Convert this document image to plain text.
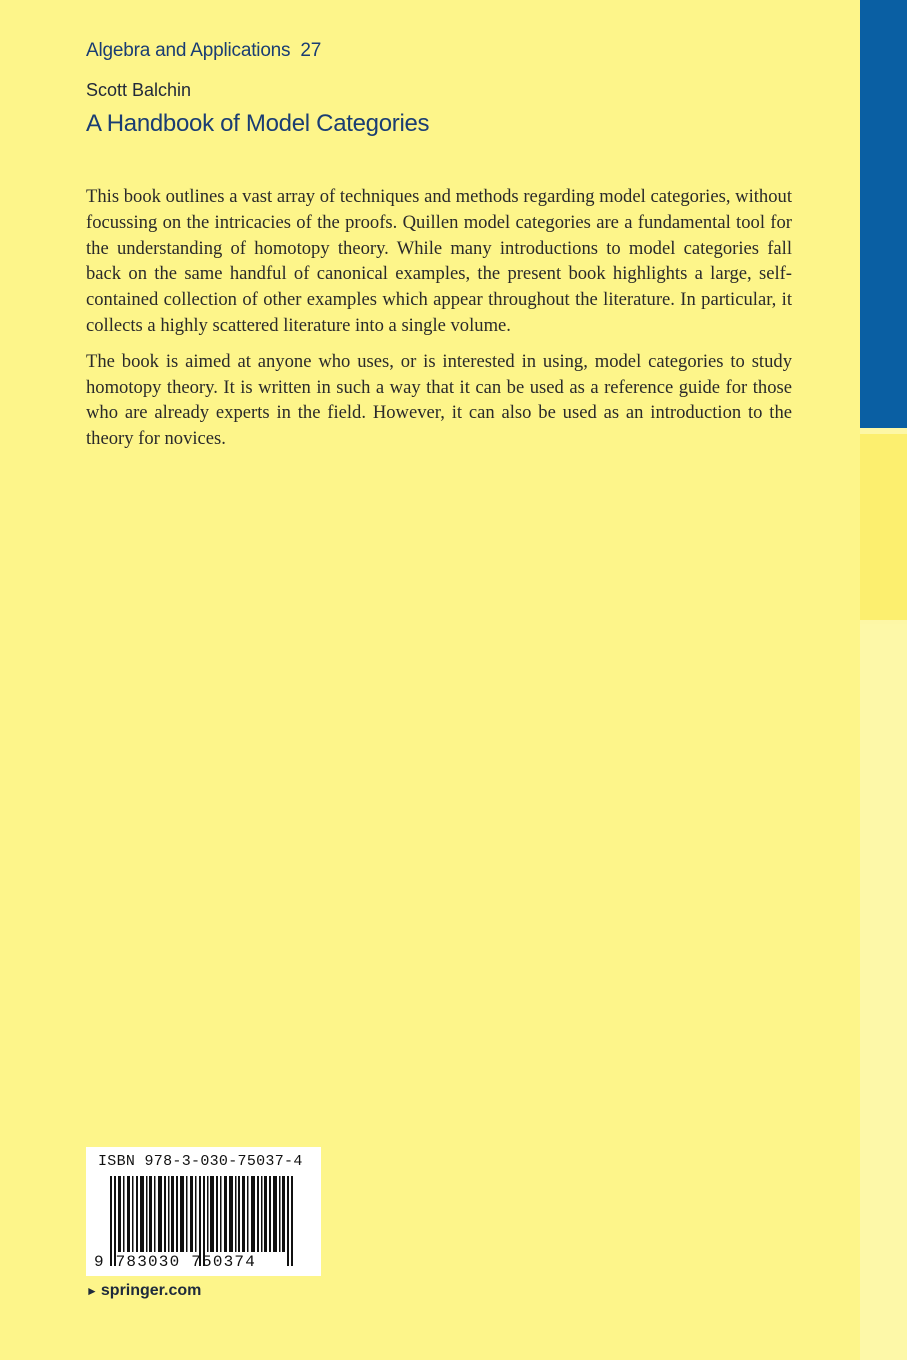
Algebra and Applications 27
Scott Balchin
A Handbook of Model Categories

This book outlines a vast array of techniques and methods regarding model categories, without focussing on the intricacies of the proofs. Quillen model categories are a fundamental tool for the understanding of homotopy theory. While many introductions to model categories fall back on the same handful of canonical examples, the present book highlights a large, self-contained collection of other examples which appear throughout the literature. In particular, it collects a highly scattered literature into a single volume.

The book is aimed at anyone who uses, or is interested in using, model categories to study homotopy theory. It is written in such a way that it can be used as a reference guide for those who are already experts in the field. However, it can also be used as an introduction to the theory for novices.

ISBN 978-3-030-75037-4
9 783030 750374
► springer.com
